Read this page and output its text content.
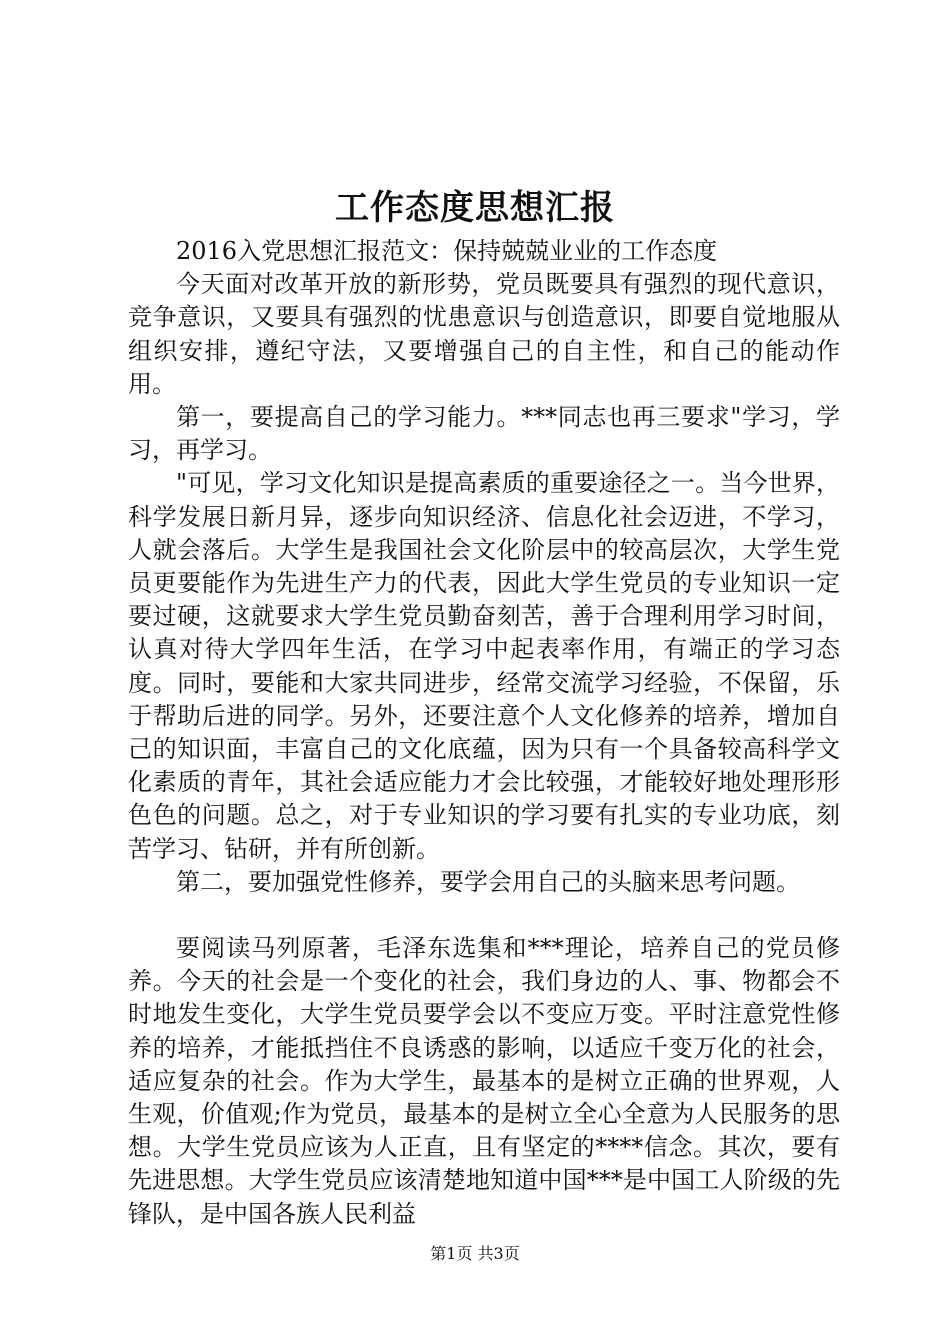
工作态度思想汇报

2016入党思想汇报范文：保持兢兢业业的工作态度

今天面对改革开放的新形势，党员既要具有强烈的现代意识，竞争意识，又要具有强烈的忧患意识与创造意识，即要自觉地服从组织安排，遵纪守法，又要增强自己的自主性，和自己的能动作用。

第一，要提高自己的学习能力。***同志也再三要求"学习，学习，再学习。

"可见，学习文化知识是提高素质的重要途径之一。当今世界，科学发展日新月异，逐步向知识经济、信息化社会迈进，不学习，人就会落后。大学生是我国社会文化阶层中的较高层次，大学生党员更要能作为先进生产力的代表，因此大学生党员的专业知识一定要过硬，这就要求大学生党员勤奋刻苦，善于合理利用学习时间，认真对待大学四年生活，在学习中起表率作用，有端正的学习态度。同时，要能和大家共同进步，经常交流学习经验，不保留，乐于帮助后进的同学。另外，还要注意个人文化修养的培养，增加自己的知识面，丰富自己的文化底蕴，因为只有一个具备较高科学文化素质的青年，其社会适应能力才会比较强，才能较好地处理形形色色的问题。总之，对于专业知识的学习要有扎实的专业功底，刻苦学习、钻研，并有所创新。

第二，要加强党性修养，要学会用自己的头脑来思考问题。

要阅读马列原著，毛泽东选集和***理论，培养自己的党员修养。今天的社会是一个变化的社会，我们身边的人、事、物都会不时地发生变化，大学生党员要学会以不变应万变。平时注意党性修养的培养，才能抵挡住不良诱惑的影响，以适应千变万化的社会，适应复杂的社会。作为大学生，最基本的是树立正确的世界观，人生观，价值观;作为党员，最基本的是树立全心全意为人民服务的思想。大学生党员应该为人正直，且有坚定的****信念。其次，要有先进思想。大学生党员应该清楚地知道中国***是中国工人阶级的先锋队，是中国各族人民利益

第1页 共3页
